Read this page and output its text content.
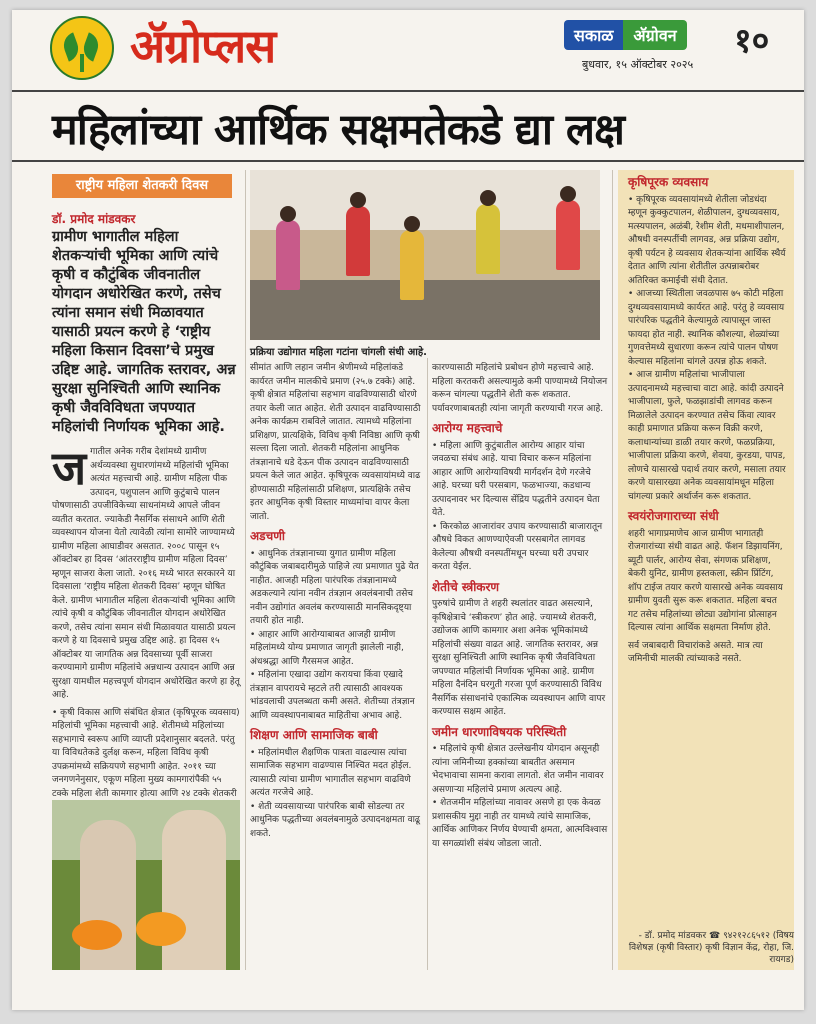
ॲग्रोप्लस	सकाळ	अ‍ॅग्रोवन १०
बुधवार, १५ ऑक्टोबर २०२५
महिलांच्या आर्थिक सक्षमतेकडे द्या लक्ष
राष्ट्रीय महिला शेतकरी दिवस
डॉ. प्रमोद मांडवकर
ग्रामीण भागातील महिला शेतकऱ्यांची भूमिका आणि त्यांचे कृषी व कौटुंबिक जीवनातील योगदान अधोरेखित करणे, तसेच त्यांना समान संधी मिळावयात यासाठी प्रयत्न करणे हे ‘राष्ट्रीय महिला किसान दिवसा’चे प्रमुख उद्दिष्ट आहे. जागतिक स्तरावर, अन्न सुरक्षा सुनिश्चिती आणि स्थानिक कृषी जैवविविधता जपण्यात महिलांची निर्णायक भूमिका आहे.
प्रक्रिया उद्योगात महिला गटांना चांगली संधी आहे.

जगातील अनेक गरीब देशांमध्ये ग्रामीण अर्थव्यवस्था सुधारणांमध्ये महिलांची भूमिका अत्यंत महत्त्वाची आहे. ग्रामीण महिला पीक उत्पादन, पशुपालन आणि कुटुंबाचे पालन पोषणासाठी उपजीविकेच्या साधनांमध्ये आपले जीवन व्यतीत करतात. ज्याकेडी नैसर्गिक संसाधने आणि शेती व्यवस्थापन योजना येतो त्यावेळी त्यांना सामोरे जाण्यामध्ये ग्रामीण महिला आघाडीवर असतात. २००८ पासून १५ ऑक्टोबर हा दिवस ‘आंतरराष्ट्रीय ग्रामीण महिला दिवस’ म्हणून साजरा केला जातो. २०१६ मध्ये भारत सरकारने या दिवसाला ‘राष्ट्रीय महिला शेतकरी दिवस’ म्हणून घोषित केले. ग्रामीण भागातील महिला शेतकऱ्यांची भूमिका आणि त्यांचे कृषी व कौटुंबिक जीवनातील योगदान अधोरेखित करणे, तसेच त्यांना समान संधी मिळावयात यासाठी प्रयत्न करणे हे या दिवसाचे प्रमुख उद्दिष्ट आहे. हा दिवस १५ ऑक्टोबर या जागतिक अन्न दिवसाच्या पूर्वी साजरा करण्यामागे ग्रामीण महिलांचे अन्नधान्य उत्पादन आणि अन्न सुरक्षा यामधील महत्त्वपूर्ण योगदान अधोरेखित करणे हा हेतू आहे.

• कृषी विकास आणि संबंधित क्षेत्रात (कृषिपूरक व्यवसाय) महिलांची भूमिका महत्त्वाची आहे. शेतीमध्ये महिलांच्या सहभागाचे स्वरूप आणि व्याप्ती प्रदेशानुसार बदलते. परंतु या विविधतेकडे दुर्लक्ष करून, महिला विविध कृषी उपक्रमांमध्ये सक्रियपणे सहभागी आहेत. २०११ च्या जनगणनेनुसार, एकूण महिला मुख्य कामगारांपैकी ५५ टक्के महिला शेती कामगार होत्या आणि २४ टक्के शेतकरी

सीमांत आणि लहान जमीन श्रेणीमध्ये महिलांकडे कार्यरत जमीन मालकीचे प्रमाण (२५.७ टक्के) आहे. कृषी क्षेत्रात महिलांचा सहभाग वाढविण्यासाठी धोरणे तयार केली जात आहेत. शेती उत्पादन वाढविण्यासाठी अनेक कार्यक्रम राबविले जातात. त्यामध्ये महिलांना प्रशिक्षण, प्रात्यक्षिके, विविध कृषी निविष्ठा आणि कृषी सल्ला दिला जातो. शेतकरी महिलांना आधुनिक तंत्रज्ञानाचे धडे देऊन पीक उत्पादन वाढविण्यासाठी प्रयत्न केले जात आहेत. कृषिपूरक व्यवसायांमध्ये वाढ होण्यासाठी महिलांसाठी प्रशिक्षण, प्रात्यक्षिके तसेच इतर आधुनिक कृषी विस्तार माध्यमांचा वापर केला जातो.

अडचणी

• आधुनिक तंत्रज्ञानाच्या युगात ग्रामीण महिला कौटुंबिक जबाबदारीमुळे पाहिजे त्या प्रमाणात पुढे येत नाहीत. आजही महिला पारंपरिक तंत्रज्ञानामध्ये अडकल्याने त्यांना नवीन तंत्रज्ञान अवलंबनाची तसेच नवीन उद्योगांत अवलंब करण्यासाठी मानसिकदृष्ट्या तयारी होत नाही.

• आहार आणि आरोग्याबाबत आजही ग्रामीण महिलांमध्ये योग्य प्रमाणात जागृती झालेली नाही, अंधश्रद्धा आणि गैरसमज आहेत.

• महिलांना एखादा उद्योग करायचा किंवा एखादे तंत्रज्ञान वापरायचे म्हटले तरी त्यासाठी आवश्यक भांडवलाची उपलब्धता कमी असते. शेतीच्या तंत्रज्ञान आणि व्यवस्थापनाबाबत माहितीचा अभाव आहे.

शिक्षण आणि सामाजिक बाबी

• महिलांमधील शैक्षणिक पात्रता वाढल्यास त्यांचा सामाजिक सहभाग वाढण्यास निश्चित मदत होईल. त्यासाठी त्यांचा ग्रामीण भागातील सहभाग वाढविणे अत्यंत गरजेचे आहे.

• शेती व्यवसायाच्या पारंपरिक बाबी सोडल्या तर आधुनिक पद्धतीच्या अवलंबनामुळे उत्पादनक्षमता वाढू शकते.

कारण्यासाठी महिलांचे प्रबोधन होणे महत्त्वाचे आहे. महिला करतकरी असल्यामुळे कमी पाण्यामध्ये नियोजन करून चांगल्या पद्धतीने शेती करू शकतात. पर्यावरणाबाबतही त्यांना जागृती करण्याची गरज आहे.

आरोग्य महत्त्वाचे

• महिला आणि कुटुंबातील आरोग्य आहार यांचा जवळचा संबंध आहे. याचा विचार करून महिलांना आहार आणि आरोग्याविषयी मार्गदर्शन देणे गरजेचे आहे. घरच्या घरी परसबाग, फळभाज्या, कडधान्य उत्पादनावर भर दिल्यास सेंद्रिय पद्धतीने उत्पादन घेता येते.

• किरकोळ आजारांवर उपाय करण्यासाठी बाजारातून औषधे विकत आणण्याऐवजी परसबागेत लागवड केलेल्या औषधी वनस्पतींमधून घरच्या घरी उपचार करता येईल.

शेतीचे स्त्रीकरण

पुरुषांचे ग्रामीण ते शहरी स्थलांतर वाढत असल्याने, कृषिक्षेत्राचे ‘स्त्रीकरण’ होत आहे. ज्यामध्ये शेतकरी, उद्योजक आणि कामगार अशा अनेक भूमिकांमध्ये महिलांची संख्या वाढत आहे. जागतिक स्तरावर, अन्न सुरक्षा सुनिश्चिती आणि स्थानिक कृषी जैवविविधता जपण्यात महिलांची निर्णायक भूमिका आहे. ग्रामीण महिला दैनंदिन घरगुती गरजा पूर्ण करण्यासाठी विविध नैसर्गिक संसाधनांचे एकात्मिक व्यवस्थापन आणि वापर करण्यास सक्षम आहेत.

जमीन धारणाविषयक परिस्थिती

• महिलांचे कृषी क्षेत्रात उल्लेखनीय योगदान असूनही त्यांना जमिनीच्या हक्कांच्या बाबतीत असमान भेदभावाचा सामना करावा लागतो. शेत जमीन नावावर असणाऱ्या महिलांचे प्रमाण अत्यल्प आहे.

• शेतजमीन महिलांच्या नावावर असणे हा एक केवळ प्रशासकीय मुद्दा नाही तर यामध्ये त्यांचे सामाजिक, आर्थिक आणिकर निर्णय घेण्याची क्षमता, आत्मविश्वास या सगळ्यांशी संबंध जोडला जातो.

कृषिपूरक व्यवसाय

• कृषिपूरक व्यवसायांमध्ये शेतीला जोडधंदा म्हणून कुक्कुटपालन, शेळीपालन, दुग्धव्यवसाय, मत्स्यपालन, अळंबी, रेशीम शेती, मधमाशीपालन, औषधी वनस्पतींची लागवड, अन्न प्रक्रिया उद्योग, कृषी पर्यटन हे व्यवसाय शेतकऱ्यांना आर्थिक स्थैर्य देतात आणि त्यांना शेतीतील उत्पन्नाबरोबर अतिरिक्त कमाईची संधी देतात.

• आजच्या स्थितीला जवळपास ७५ कोटी महिला दुग्धव्यवसायामध्ये कार्यरत आहे. परंतु हे व्यवसाय पारंपरिक पद्धतीने केल्यामुळे त्यापासून जास्त फायदा होत नाही. स्थानिक कौशल्या, शेळ्यांच्या गुणवत्तेमध्ये सुधारणा करून त्यांचे पालन पोषण केल्यास महिलांना चांगले उत्पन्न होऊ शकते.

• आज ग्रामीण महिलांचा भाजीपाला उत्पादनामध्ये महत्त्वाचा वाटा आहे. कांदी उत्पादने भाजीपाला, फुले, फळझाडांची लागवड करून मिळालेले उत्पादन करण्यात तसेच किंवा त्यावर काही प्रमाणात प्रक्रिया करून विक्री करणे, कलाधान्यांच्या डाळी तयार करणे, फळप्रक्रिया, भाजीपाला प्रक्रिया करणे, शेवया, कुरडया, पापड, लोणचे यासारखे पदार्थ तयार करणे, मसाला तयार करणे यासारख्या अनेक व्यवसायांमधून महिला चांगल्या प्रकारे अर्थार्जन करू शकतात.

स्वयंरोजगाराच्या संधी

शहरी भागाप्रमाणेच आज ग्रामीण भागातही रोजगारांच्या संधी वाढत आहे. फॅशन डिझायनिंग, ब्यूटी पार्लर, आरोग्य सेवा, संगणक प्रशिक्षण, बेकरी युनिट, ग्रामीण हस्तकला, स्क्रीन प्रिंटिंग, शॉप टाईज तयार करणे यासारखे अनेक व्यवसाय ग्रामीण युवती सुरू करू शकतात. महिला बचत गट तसेच महिलांच्या छोट्या उद्योगांना प्रोत्साहन दिल्यास त्यांना आर्थिक सक्षमता निर्माण होते.

सर्व जबाबदारी विचारांकडे असते. मात्र त्या जमिनीची मालकी त्यांच्याकडे नसते.

- डॉ. प्रमोद मांडवकर ☎ ९४२१२८६५१२ (विषय विशेषज्ञ (कृषी विस्तार) कृषी विज्ञान केंद्र, रोहा, जि. रायगड)
